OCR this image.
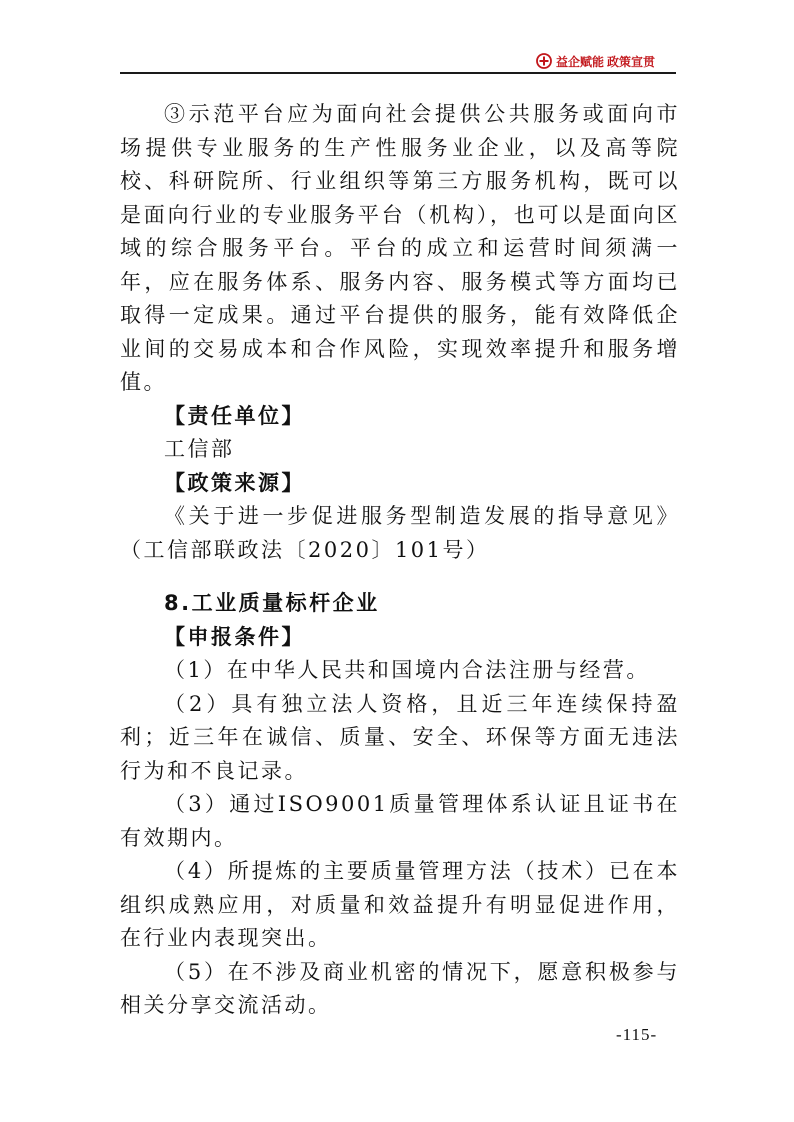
益企赋能 政策宣贯

③示范平台应为面向社会提供公共服务或面向市场提供专业服务的生产性服务业企业，以及高等院校、科研院所、行业组织等第三方服务机构，既可以是面向行业的专业服务平台（机构），也可以是面向区域的综合服务平台。平台的成立和运营时间须满一年，应在服务体系、服务内容、服务模式等方面均已取得一定成果。通过平台提供的服务，能有效降低企业间的交易成本和合作风险，实现效率提升和服务增值。

【责任单位】

工信部

【政策来源】

《关于进一步促进服务型制造发展的指导意见》（工信部联政法〔2020〕101号）

8.工业质量标杆企业

【申报条件】

（1）在中华人民共和国境内合法注册与经营。

（2）具有独立法人资格，且近三年连续保持盈利；近三年在诚信、质量、安全、环保等方面无违法行为和不良记录。

（3）通过ISO9001质量管理体系认证且证书在有效期内。

（4）所提炼的主要质量管理方法（技术）已在本组织成熟应用，对质量和效益提升有明显促进作用，在行业内表现突出。

（5）在不涉及商业机密的情况下，愿意积极参与相关分享交流活动。

-115-
